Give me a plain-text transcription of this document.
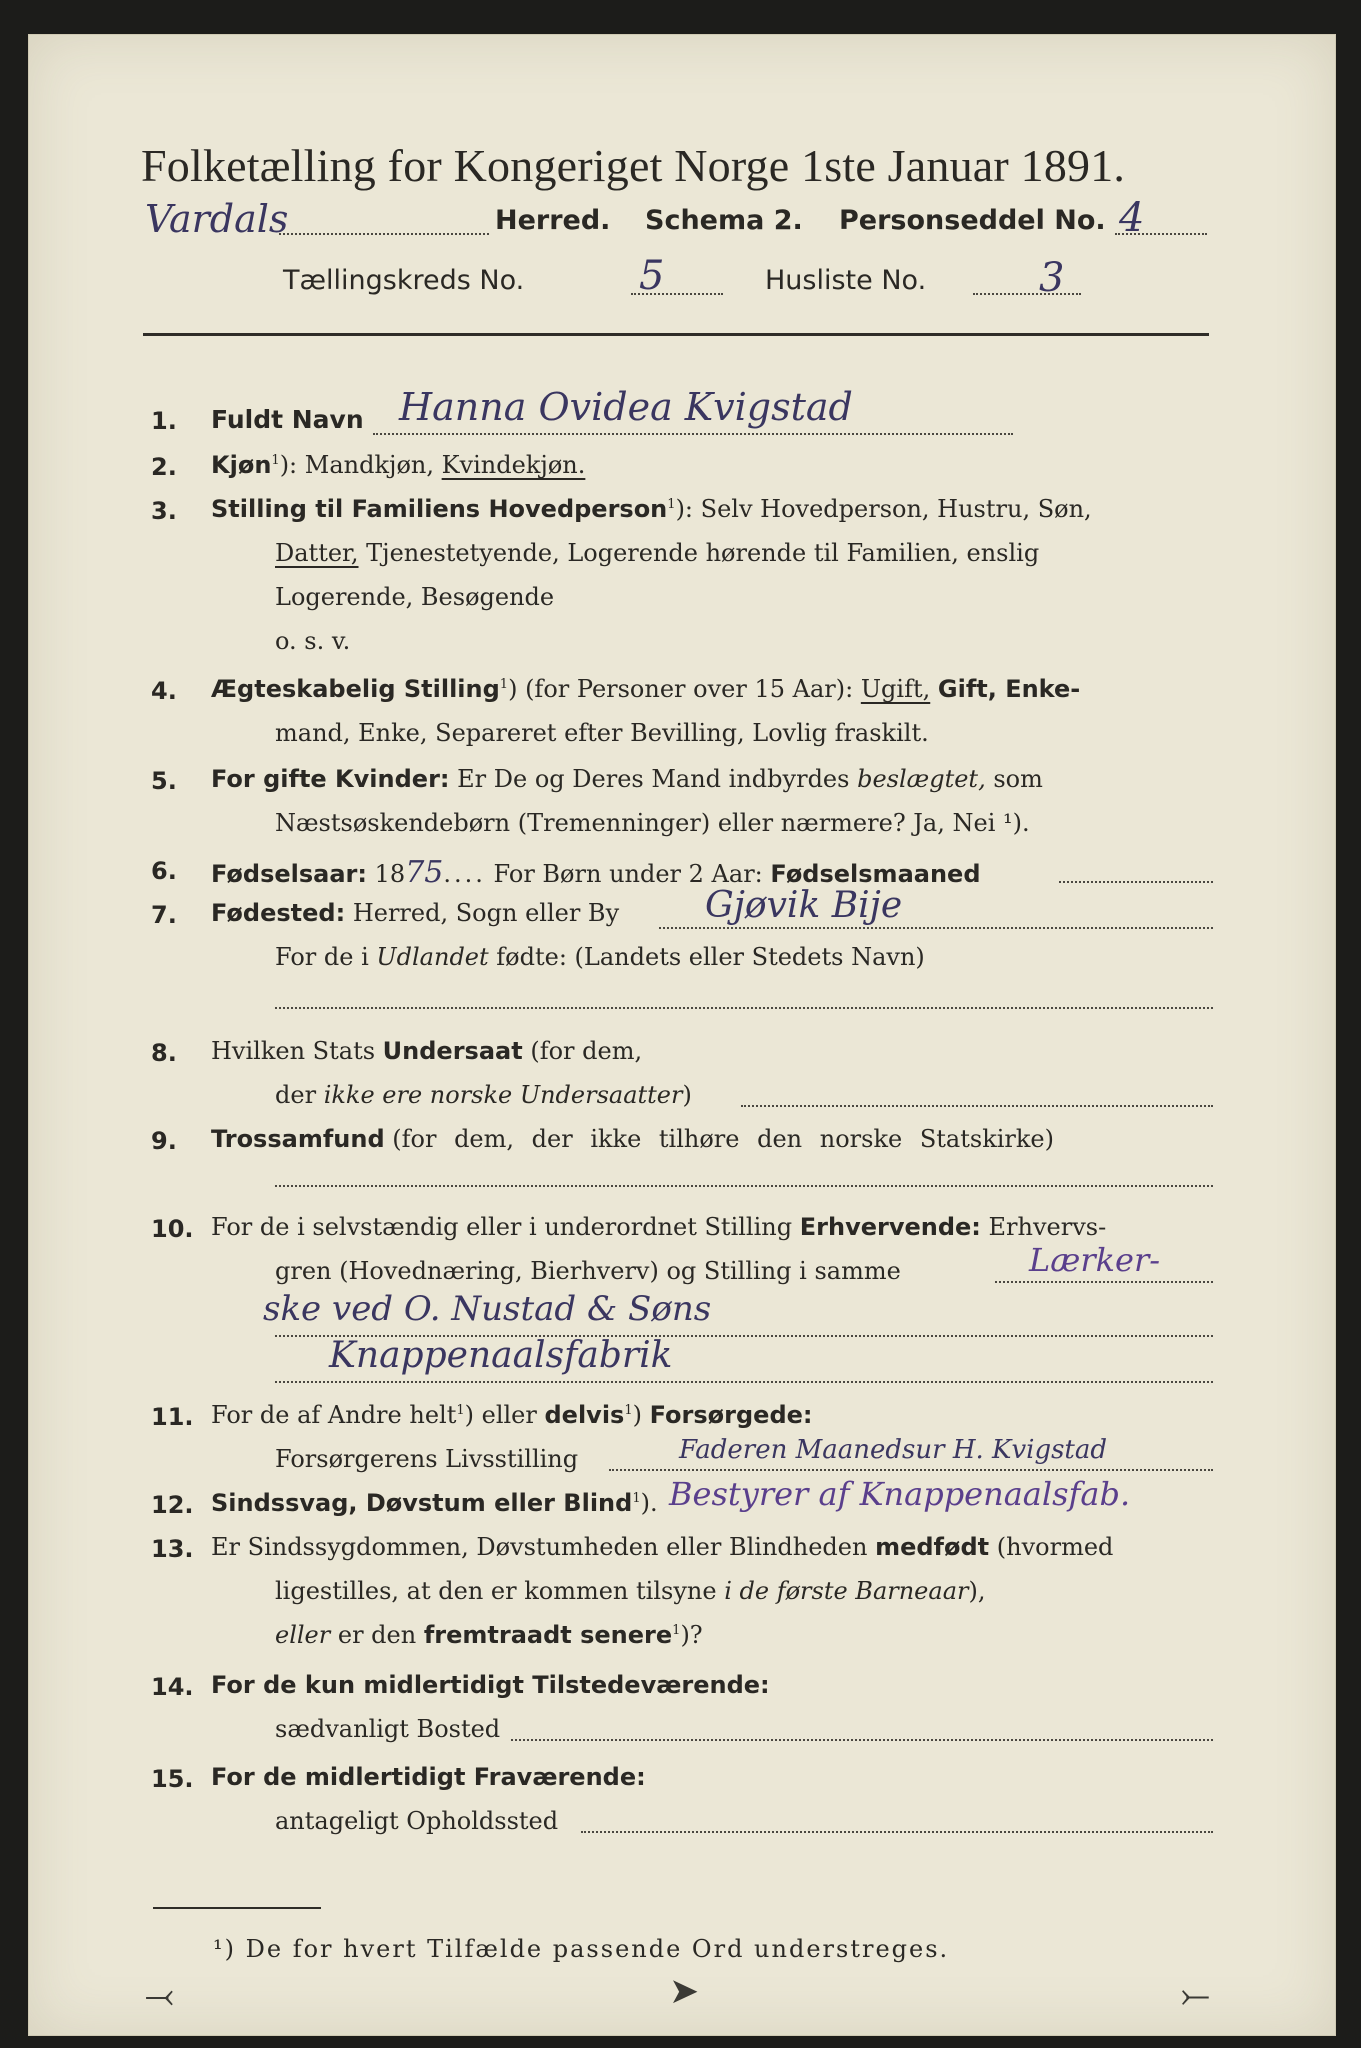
Folketælling for Kongeriget Norge 1ste Januar 1891.
Vardals	Herred. Schema 2. Personseddel No. 4
Tællingskreds No.	5	Husliste No.	3
1. Fuldt Navn Hanna Ovidea Kvigstad
2. Kjøn$^1$): Mandkjøn, Kvindekjøn.
3. Stilling til Familiens Hovedperson$^1$): Selv Hovedperson, Hustru, Søn,
Datter, Tjenestetyende, Logerende hørende til Familien, enslig
Logerende, Besøgende
o. s. v.
4. Ægteskabelig Stilling$^1$) (for Personer over 15 Aar): Ugift, Gift, Enke-
mand, Enke, Separeret efter Bevilling, Lovlig fraskilt.
5. For gifte Kvinder: Er De og Deres Mand indbyrdes beslægtet, som
Næstsøskendebørn (Tremenninger) eller nærmere? Ja, Nei ¹).
6. Fødselsaar: 1875.... For Børn under 2 Aar: Fødselsmaaned
7. Fødested: Herred, Sogn eller By Gjøvik Bije
For de i Udlandet fødte: (Landets eller Stedets Navn)
8. Hvilken Stats Undersaat (for dem,
der ikke ere norske Undersaatter)
9. Trossamfund (for dem, der ikke tilhøre den norske Statskirke)
10. For de i selvstændig eller i underordnet Stilling Erhvervende: Erhvervs-
gren (Hovednæring, Bierhverv) og Stilling i samme	Lærker-
ske ved O. Nustad & Søns
Knappenaalsfabrik
11. For de af Andre helt$^1$) eller delvis$^1$) Forsørgede:
Forsørgerens Livsstilling	Faderen Maanedsur H. Kvigstad
12. Sindssvag, Døvstum eller Blind$^1$). Bestyrer af Knappenaalsfab.
13. Er Sindssygdommen, Døvstumheden eller Blindheden medfødt (hvormed
ligestilles, at den er kommen tilsyne i de første Barneaar),
eller er den fremtraadt senere$^1$)?
14. For de kun midlertidigt Tilstedeværende:
sædvanligt Bosted
15. For de midlertidigt Fraværende:
antageligt Opholdssted
¹) De for hvert Tilfælde passende Ord understreges.
⤙	➤	⤚
